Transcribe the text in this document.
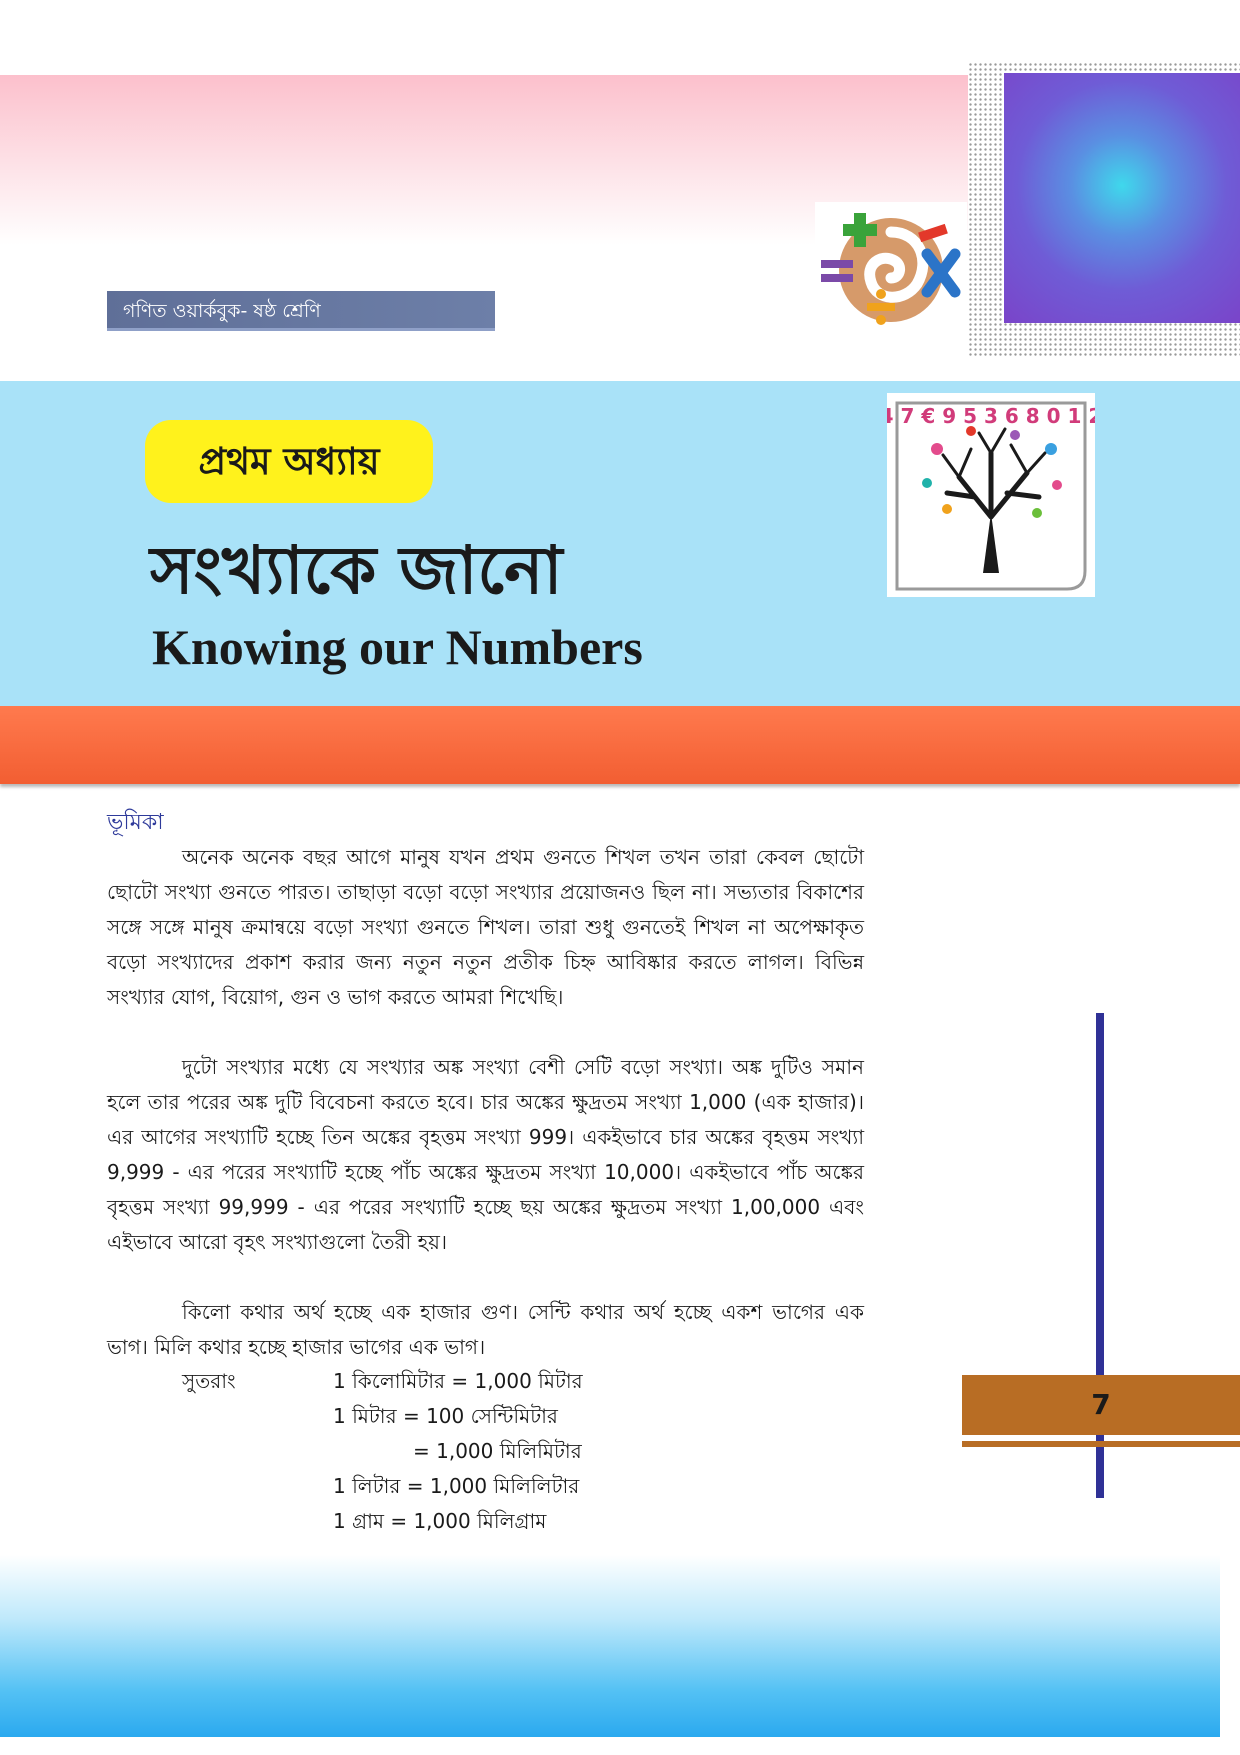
গণিত ওয়ার্কবুক- ষষ্ঠ শ্রেণি
প্রথম অধ্যায়
সংখ্যাকে জানো
Knowing our Numbers
4 7 € 9 5 3 6 8 0 1 2
ভূমিকা

অনেক অনেক বছর আগে মানুষ যখন প্রথম গুনতে শিখল তখন তারা কেবল ছোটো ছোটো সংখ্যা গুনতে পারত। তাছাড়া বড়ো বড়ো সংখ্যার প্রয়োজনও ছিল না। সভ্যতার বিকাশের সঙ্গে সঙ্গে মানুষ ক্রমান্বয়ে বড়ো সংখ্যা গুনতে শিখল। তারা শুধু গুনতেই শিখল না অপেক্ষাকৃত বড়ো সংখ্যাদের প্রকাশ করার জন্য নতুন নতুন প্রতীক চিহ্ন আবিষ্কার করতে লাগল। বিভিন্ন সংখ্যার যোগ, বিয়োগ, গুন ও ভাগ করতে আমরা শিখেছি।

দুটো সংখ্যার মধ্যে যে সংখ্যার অঙ্ক সংখ্যা বেশী সেটি বড়ো সংখ্যা। অঙ্ক দুটিও সমান হলে তার পরের অঙ্ক দুটি বিবেচনা করতে হবে। চার অঙ্কের ক্ষুদ্রতম সংখ্যা 1,000 (এক হাজার)। এর আগের সংখ্যাটি হচ্ছে তিন অঙ্কের বৃহত্তম সংখ্যা 999। একইভাবে চার অঙ্কের বৃহত্তম সংখ্যা 9,999 - এর পরের সংখ্যাটি হচ্ছে পাঁচ অঙ্কের ক্ষুদ্রতম সংখ্যা 10,000। একইভাবে পাঁচ অঙ্কের বৃহত্তম সংখ্যা 99,999 - এর পরের সংখ্যাটি হচ্ছে ছয় অঙ্কের ক্ষুদ্রতম সংখ্যা 1,00,000 এবং এইভাবে আরো বৃহৎ সংখ্যাগুলো তৈরী হয়।

কিলো কথার অর্থ হচ্ছে এক হাজার গুণ। সেন্টি কথার অর্থ হচ্ছে একশ ভাগের এক ভাগ। মিলি কথার হচ্ছে হাজার ভাগের এক ভাগ।

সুতরাং	1 কিলোমিটার = 1,000 মিটার
1 মিটার = 100 সেন্টিমিটার
= 1,000 মিলিমিটার
1 লিটার = 1,000 মিলিলিটার
1 গ্রাম = 1,000 মিলিগ্রাম
7
